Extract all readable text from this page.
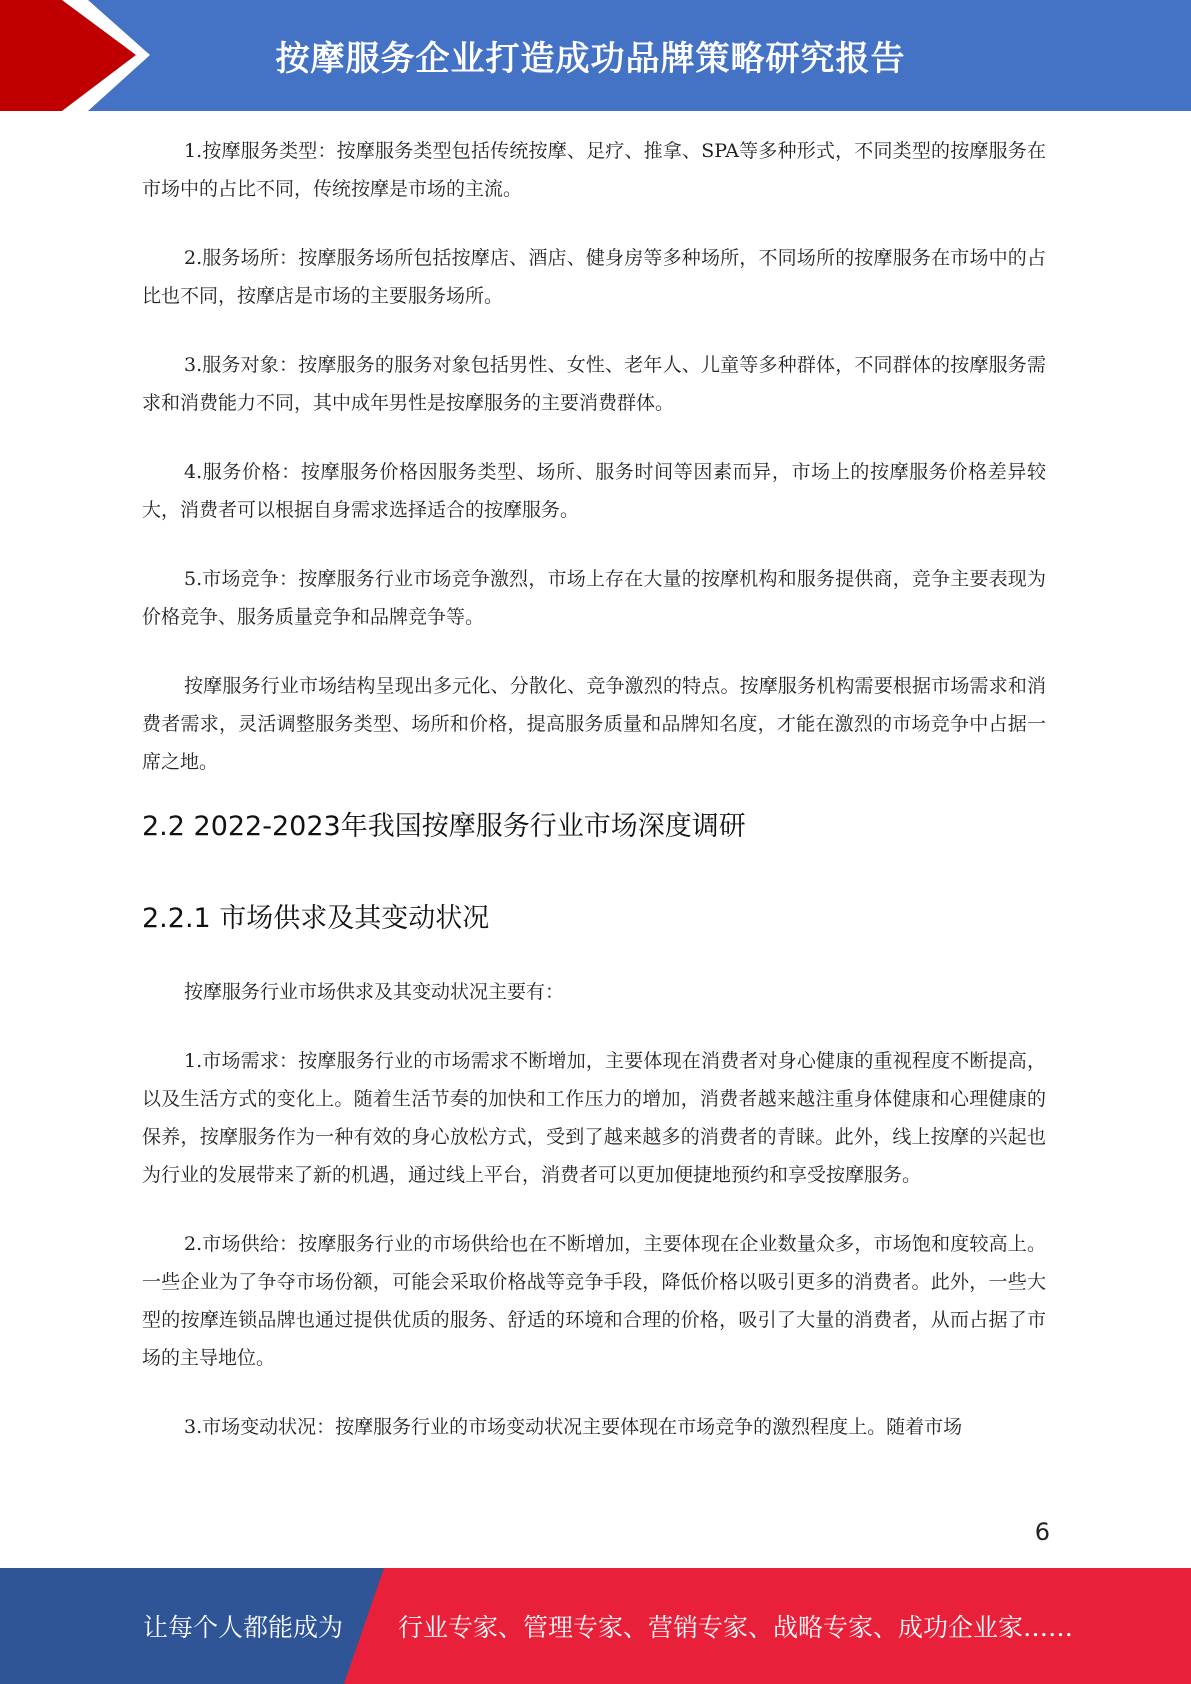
按摩服务企业打造成功品牌策略研究报告

1.按摩服务类型：按摩服务类型包括传统按摩、足疗、推拿、SPA等多种形式，不同类型的按摩服务在市场中的占比不同，传统按摩是市场的主流。

2.服务场所：按摩服务场所包括按摩店、酒店、健身房等多种场所，不同场所的按摩服务在市场中的占比也不同，按摩店是市场的主要服务场所。

3.服务对象：按摩服务的服务对象包括男性、女性、老年人、儿童等多种群体，不同群体的按摩服务需求和消费能力不同，其中成年男性是按摩服务的主要消费群体。

4.服务价格：按摩服务价格因服务类型、场所、服务时间等因素而异，市场上的按摩服务价格差异较大，消费者可以根据自身需求选择适合的按摩服务。

5.市场竞争：按摩服务行业市场竞争激烈，市场上存在大量的按摩机构和服务提供商，竞争主要表现为价格竞争、服务质量竞争和品牌竞争等。

按摩服务行业市场结构呈现出多元化、分散化、竞争激烈的特点。按摩服务机构需要根据市场需求和消费者需求，灵活调整服务类型、场所和价格，提高服务质量和品牌知名度，才能在激烈的市场竞争中占据一席之地。

2.2 2022-2023年我国按摩服务行业市场深度调研
2.2.1 市场供求及其变动状况

按摩服务行业市场供求及其变动状况主要有：

1.市场需求：按摩服务行业的市场需求不断增加，主要体现在消费者对身心健康的重视程度不断提高，以及生活方式的变化上。随着生活节奏的加快和工作压力的增加，消费者越来越注重身体健康和心理健康的保养，按摩服务作为一种有效的身心放松方式，受到了越来越多的消费者的青睐。此外，线上按摩的兴起也为行业的发展带来了新的机遇，通过线上平台，消费者可以更加便捷地预约和享受按摩服务。

2.市场供给：按摩服务行业的市场供给也在不断增加，主要体现在企业数量众多，市场饱和度较高上。一些企业为了争夺市场份额，可能会采取价格战等竞争手段，降低价格以吸引更多的消费者。此外，一些大型的按摩连锁品牌也通过提供优质的服务、舒适的环境和合理的价格，吸引了大量的消费者，从而占据了市场的主导地位。

3.市场变动状况：按摩服务行业的市场变动状况主要体现在市场竞争的激烈程度上。随着市场

6
让每个人都能成为 行业专家、管理专家、营销专家、战略专家、成功企业家……
